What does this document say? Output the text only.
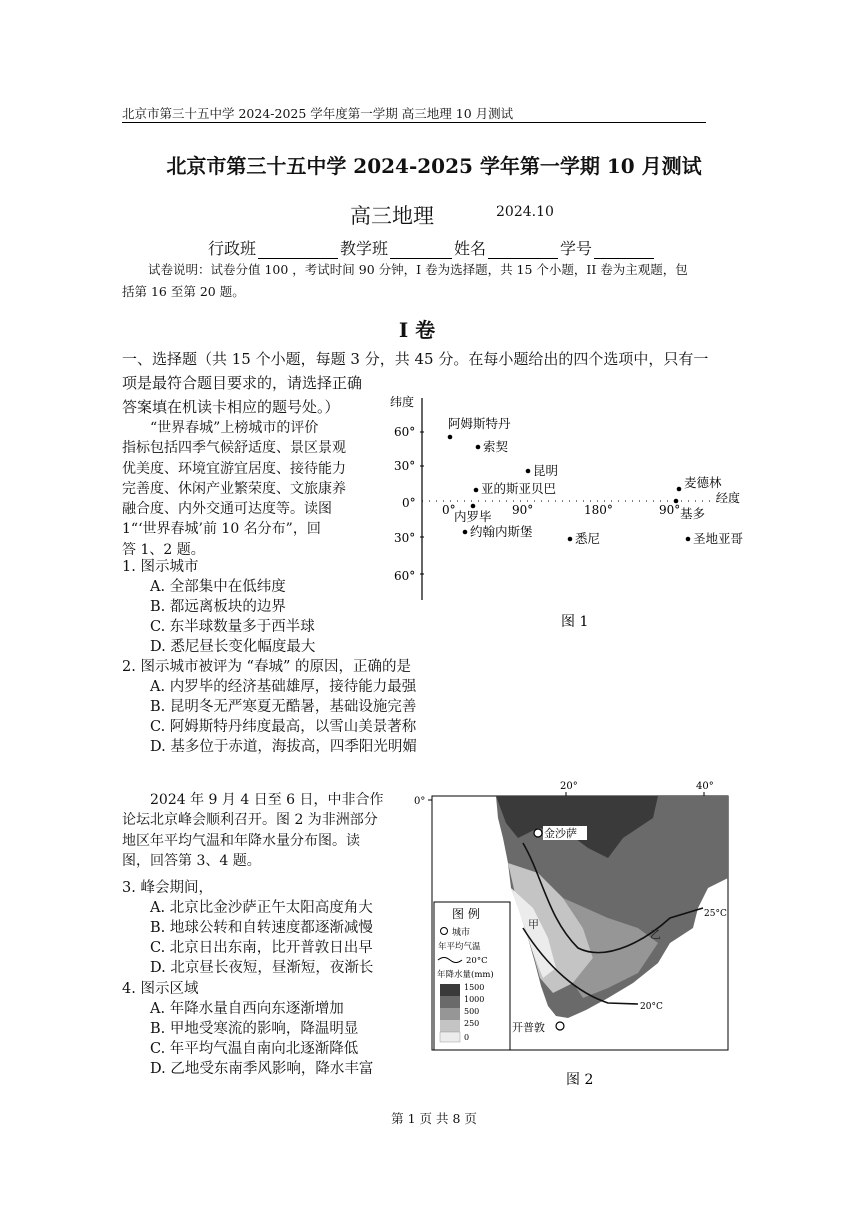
北京市第三十五中学 2024-2025 学年度第一学期 高三地理 10 月测试
北京市第三十五中学 2024-2025 学年第一学期 10 月测试
高三地理	2024.10
行政班	教学班	姓名	学号
试卷说明：试卷分值 100 ，考试时间 90 分钟，I 卷为选择题，共 15 个小题，II 卷为主观题，包
括第 16 至第 20 题。
I 卷
一、选择题（共 15 个小题，每题 3 分，共 45 分。在每小题给出的四个选项中，只有一
项是最符合题目要求的，请选择正确
答案填在机读卡相应的题号处。）
“世界春城”上榜城市的评价
指标包括四季气候舒适度、景区景观
优美度、环境宜游宜居度、接待能力
完善度、休闲产业繁荣度、文旅康养
融合度、内外交通可达度等。读图
1“‘世界春城’前 10 名分布”，回
答 1、2 题。
1. 图示城市
A. 全部集中在低纬度
B. 都远离板块的边界
C. 东半球数量多于西半球
D. 悉尼昼长变化幅度最大
2. 图示城市被评为 “春城” 的原因，正确的是
A. 内罗毕的经济基础雄厚，接待能力最强
B. 昆明冬无严寒夏无酷暑，基础设施完善
C. 阿姆斯特丹纬度最高，以雪山美景著称
D. 基多位于赤道，海拔高，四季阳光明媚
纬度
经度
60°
30°
0°
30°
60°
0°	90°	180°	90°
阿姆斯特丹
索契
昆明
亚的斯亚贝巴
内罗毕
约翰内斯堡	悉尼
麦德林
基多
圣地亚哥
图 1
2024 年 9 月 4 日至 6 日，中非合作
论坛北京峰会顺利召开。图 2 为非洲部分
地区年平均气温和年降水量分布图。读
图，回答第 3、4 题。
3. 峰会期间，
A. 北京比金沙萨正午太阳高度角大
B. 地球公转和自转速度都逐渐减慢
C. 北京日出东南，比开普敦日出早
D. 北京昼长夜短，昼渐短，夜渐长
4. 图示区域
A. 年降水量自西向东逐渐增加
B. 甲地受寒流的影响，降温明显
C. 年平均气温自南向北逐渐降低
D. 乙地受东南季风影响，降水丰富
0°
20°	40°
25°C
20°C
金沙萨
开普敦
甲
乙
图 例
城市
年平均气温
20°C
年降水量(mm)
1500
1000
500
250
0
图 2
第 1 页 共 8 页
